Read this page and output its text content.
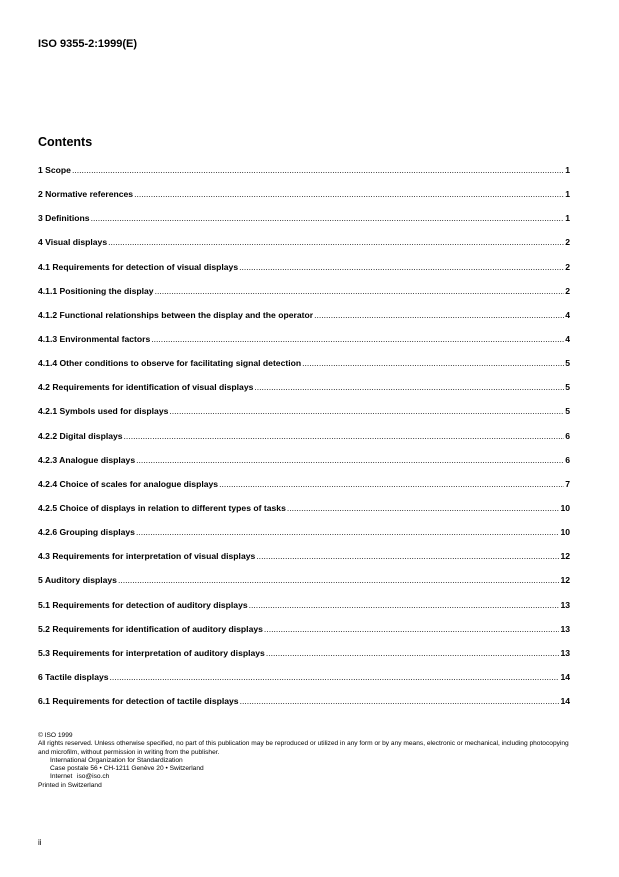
ISO 9355-2:1999(E)
Contents
1 Scope .....	1
2 Normative references .....	1
3 Definitions .....	1
4 Visual displays .....	2
4.1 Requirements for detection of visual displays .....	2
4.1.1 Positioning the display .....	2
4.1.2 Functional relationships between the display and the operator .....	4
4.1.3 Environmental factors .....	4
4.1.4 Other conditions to observe for facilitating signal detection .....	5
4.2 Requirements for identification of visual displays .....	5
4.2.1 Symbols used for displays .....	5
4.2.2 Digital displays .....	6
4.2.3 Analogue displays .....	6
4.2.4 Choice of scales for analogue displays .....	7
4.2.5 Choice of displays in relation to different types of tasks .....	10
4.2.6 Grouping displays .....	10
4.3 Requirements for interpretation of visual displays .....	12
5 Auditory displays .....	12
5.1 Requirements for detection of auditory displays .....	13
5.2 Requirements for identification of auditory displays .....	13
5.3 Requirements for interpretation of auditory displays .....	13
6 Tactile displays .....	14
6.1 Requirements for detection of tactile displays .....	14

© ISO 1999

All rights reserved. Unless otherwise specified, no part of this publication may be reproduced or utilized in any form or by any means, electronic or mechanical, including photocopying and microfilm, without permission in writing from the publisher.

International Organization for Standardization

Case postale 56 • CH-1211 Genève 20 • Switzerland

Internet iso@iso.ch

Printed in Switzerland

ii
